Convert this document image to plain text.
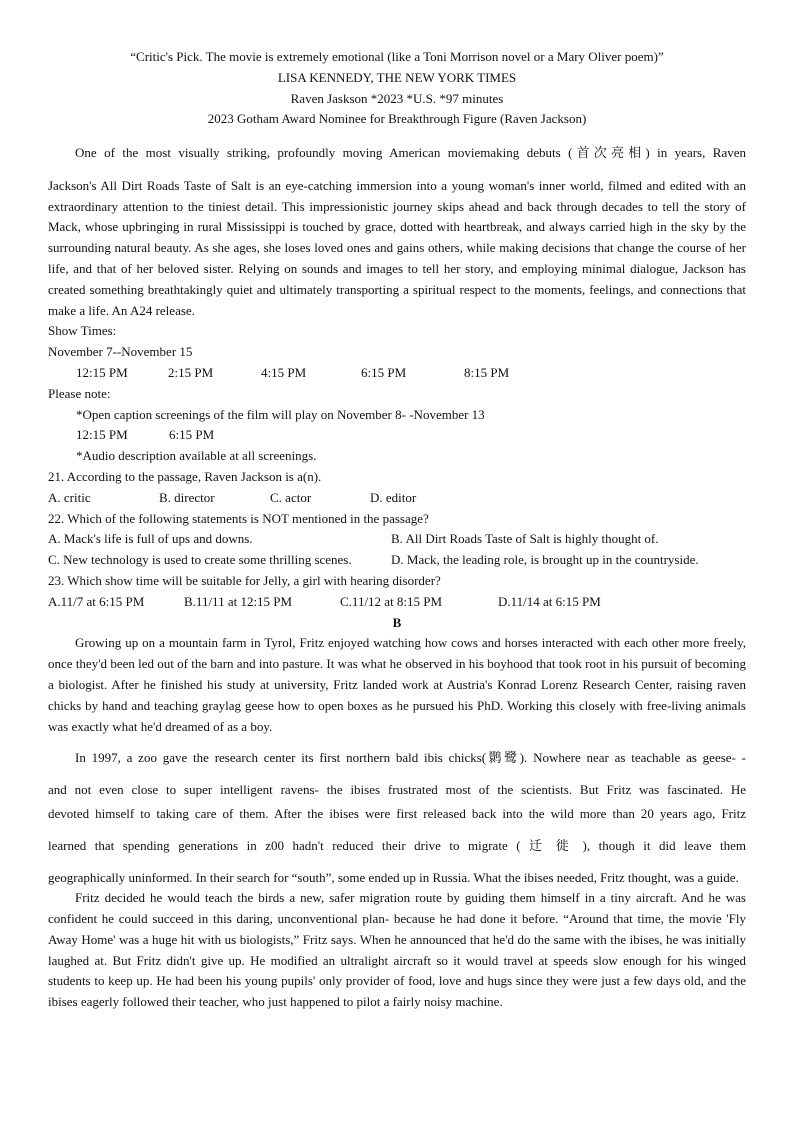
“Critic's Pick. The movie is extremely emotional (like a Toni Morrison novel or a Mary Oliver poem)”
LISA KENNEDY, THE NEW YORK TIMES
Raven Jaskson *2023 *U.S. *97 minutes
2023 Gotham Award Nominee for Breakthrough Figure (Raven Jackson)
One of the most visually striking, profoundly moving American moviemaking debuts (首次亮相) in years, Raven
Jackson's All Dirt Roads Taste of Salt is an eye-catching immersion into a young woman's inner world, filmed and edited with an extraordinary attention to the tiniest detail. This impressionistic journey skips ahead and back through decades to tell the story of Mack, whose upbringing in rural Mississippi is touched by grace, dotted with heartbreak, and always carried high in the sky by the surrounding natural beauty. As she ages, she loses loved ones and gains others, while making decisions that change the course of her life, and that of her beloved sister. Relying on sounds and images to tell her story, and employing minimal dialogue, Jackson has created something breathtakingly quiet and ultimately transporting a spiritual respect to the moments, feelings, and connections that make a life. An A24 release.
Show Times:
November 7--November 15
12:15 PM	2:15 PM	4:15 PM	6:15 PM	8:15 PM
Please note:
*Open caption screenings of the film will play on November 8- -November 13
12:15 PM	6:15 PM
*Audio description available at all screenings.
21. According to the passage, Raven Jackson is a(n).
A. critic	B. director	C. actor	D. editor
22. Which of the following statements is NOT mentioned in the passage?
A. Mack's life is full of ups and downs.	B. All Dirt Roads Taste of Salt is highly thought of.
C. New technology is used to create some thrilling scenes.	D. Mack, the leading role, is brought up in the countryside.
23. Which show time will be suitable for Jelly, a girl with hearing disorder?
A.11/7 at 6:15 PM	B.11/11 at 12:15 PM	C.11/12 at 8:15 PM	D.11/14 at 6:15 PM
B
Growing up on a mountain farm in Tyrol, Fritz enjoyed watching how cows and horses interacted with each other more freely, once they'd been led out of the barn and into pasture. It was what he observed in his boyhood that took root in his pursuit of becoming a biologist. After he finished his study at university, Fritz landed work at Austria's Konrad Lorenz Research Center, raising raven chicks by hand and teaching graylag geese how to open boxes as he pursued his PhD. Working this closely with free-living animals was exactly what he'd dreamed of as a boy.
In 1997, a zoo gave the research center its first northern bald ibis chicks(鹮鹭). Nowhere near as teachable as geese- -
and not even close to super intelligent ravens- the ibises frustrated most of the scientists. But Fritz was fascinated. He
devoted himself to taking care of them. After the ibises were first released back into the wild more than 20 years ago, Fritz
learned that spending generations in z00 hadn't reduced their drive to migrate ( 迁 徙 ), though it did leave them
geographically uninformed. In their search for “south”, some ended up in Russia. What the ibises needed, Fritz thought, was a guide.
Fritz decided he would teach the birds a new, safer migration route by guiding them himself in a tiny aircraft. And he was confident he could succeed in this daring, unconventional plan- because he had done it before. “Around that time, the movie 'Fly Away Home' was a huge hit with us biologists,” Fritz says. When he announced that he'd do the same with the ibises, he was initially laughed at. But Fritz didn't give up. He modified an ultralight aircraft so it would travel at speeds slow enough for his winged students to keep up. He had been his young pupils' only provider of food, love and hugs since they were just a few days old, and the ibises eagerly followed their teacher, who just happened to pilot a fairly noisy machine.
